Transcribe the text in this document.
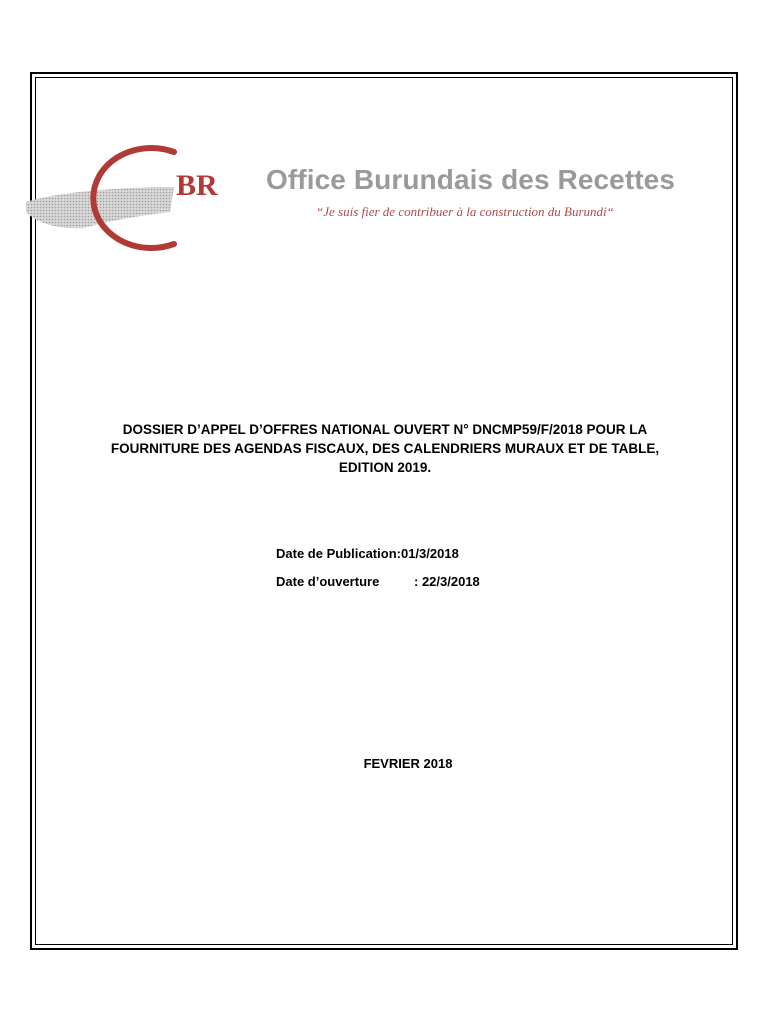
BR Office Burundais des Recettes
“Je suis fier de contribuer à la construction du Burundi“
DOSSIER D’APPEL D’OFFRES NATIONAL OUVERT N° DNCMP59/F/2018 POUR LA
FOURNITURE DES AGENDAS FISCAUX, DES CALENDRIERS MURAUX ET DE TABLE,
EDITION 2019.
Date de Publication:01/3/2018
Date d’ouverture	: 22/3/2018
FEVRIER 2018
